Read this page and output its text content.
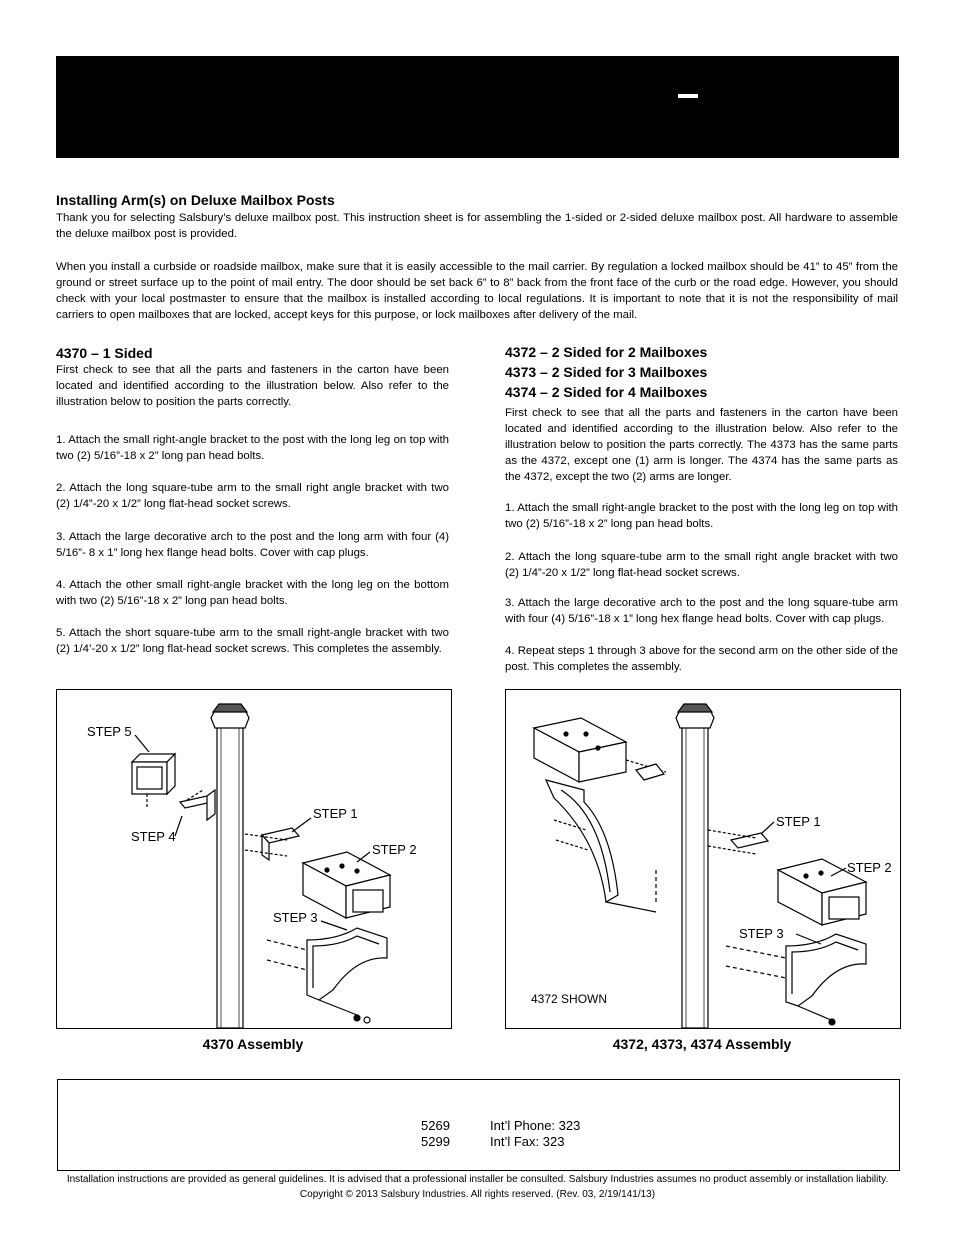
Installing Arm(s) on Deluxe Mailbox Posts
Thank you for selecting Salsbury’s deluxe mailbox post. This instruction sheet is for assembling the 1-sided or 2-sided deluxe mailbox post. All hardware to assemble the deluxe mailbox post is provided.
When you install a curbside or roadside mailbox, make sure that it is easily accessible to the mail carrier. By regulation a locked mailbox should be 41” to 45” from the ground or street surface up to the point of mail entry. The door should be set back 6” to 8” back from the front face of the curb or the road edge. However, you should check with your local postmaster to ensure that the mailbox is installed according to local regulations. It is important to note that it is not the responsibility of mail carriers to open mailboxes that are locked, accept keys for this purpose, or lock mailboxes after delivery of the mail.
4370 – 1 Sided
First check to see that all the parts and fasteners in the carton have been located and identified according to the illustration below. Also refer to the illustration below to position the parts correctly.
1. Attach the small right-angle bracket to the post with the long leg on top with two (2) 5/16”-18 x 2” long pan head bolts.
2. Attach the long square-tube arm to the small right angle bracket with two (2) 1/4”-20 x 1/2” long flat-head socket screws.
3. Attach the large decorative arch to the post and the long arm with four (4) 5/16”- 8 x 1” long hex flange head bolts. Cover with cap plugs.
4. Attach the other small right-angle bracket with the long leg on the bottom with two (2) 5/16”-18 x 2” long pan head bolts.
5. Attach the short square-tube arm to the small right-angle bracket with two (2) 1/4’-20 x 1/2” long flat-head socket screws. This completes the assembly.
4372 – 2 Sided for 2 Mailboxes
4373 – 2 Sided for 3 Mailboxes
4374 – 2 Sided for 4 Mailboxes
First check to see that all the parts and fasteners in the carton have been located and identified according to the illustration below. Also refer to the illustration below to position the parts correctly. The 4373 has the same parts as the 4372, except one (1) arm is longer. The 4374 has the same parts as the 4372, except the two (2) arms are longer.
1. Attach the small right-angle bracket to the post with the long leg on top with two (2) 5/16”-18 x 2” long pan head bolts.
2. Attach the long square-tube arm to the small right angle bracket with two (2) 1/4”-20 x 1/2” long flat-head socket screws.
3. Attach the large decorative arch to the post and the long square-tube arm with four (4) 5/16”-18 x 1” long hex flange head bolts. Cover with cap plugs.
4. Repeat steps 1 through 3 above for the second arm on the other side of the post. This completes the assembly.
STEP 5
STEP 4
STEP 1
STEP 2
STEP 3
4370 Assembly
STEP 1
STEP 2
STEP 3
4372 SHOWN
4372, 4373, 4374 Assembly
5269	Int’l Phone: 323
5299	Int’l Fax: 323
Installation instructions are provided as general guidelines. It is advised that a professional installer be consulted. Salsbury Industries assumes no product assembly or installation liability.
Copyright © 2013 Salsbury Industries. All rights reserved. (Rev. 03, 2/19/141/13)
